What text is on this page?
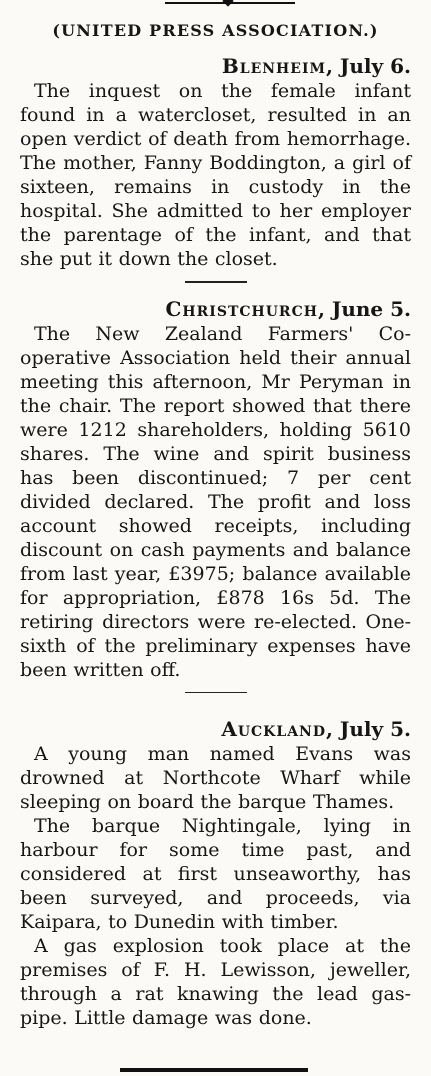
(UNITED PRESS ASSOCIATION.)
Blenheim, July 6.

The inquest on the female infant found in a watercloset, resulted in an open verdict of death from hemorrhage. The mother, Fanny Boddington, a girl of sixteen, remains in custody in the hospital. She admitted to her employer the parentage of the infant, and that she put it down the closet.

Christchurch, June 5.

The New Zealand Farmers' Co-operative Association held their annual meeting this afternoon, Mr Peryman in the chair. The report showed that there were 1212 shareholders, holding 5610 shares. The wine and spirit business has been discontinued; 7 per cent divided declared. The profit and loss account showed receipts, including discount on cash payments and balance from last year, £3975; balance available for appropriation, £878 16s 5d. The retiring directors were re-elected. One-sixth of the preliminary expenses have been written off.

Auckland, July 5.

A young man named Evans was drowned at Northcote Wharf while sleeping on board the barque Thames.

The barque Nightingale, lying in harbour for some time past, and considered at first unseaworthy, has been surveyed, and proceeds, via Kaipara, to Dunedin with timber.

A gas explosion took place at the premises of F. H. Lewisson, jeweller, through a rat knawing the lead gas-pipe. Little damage was done.
